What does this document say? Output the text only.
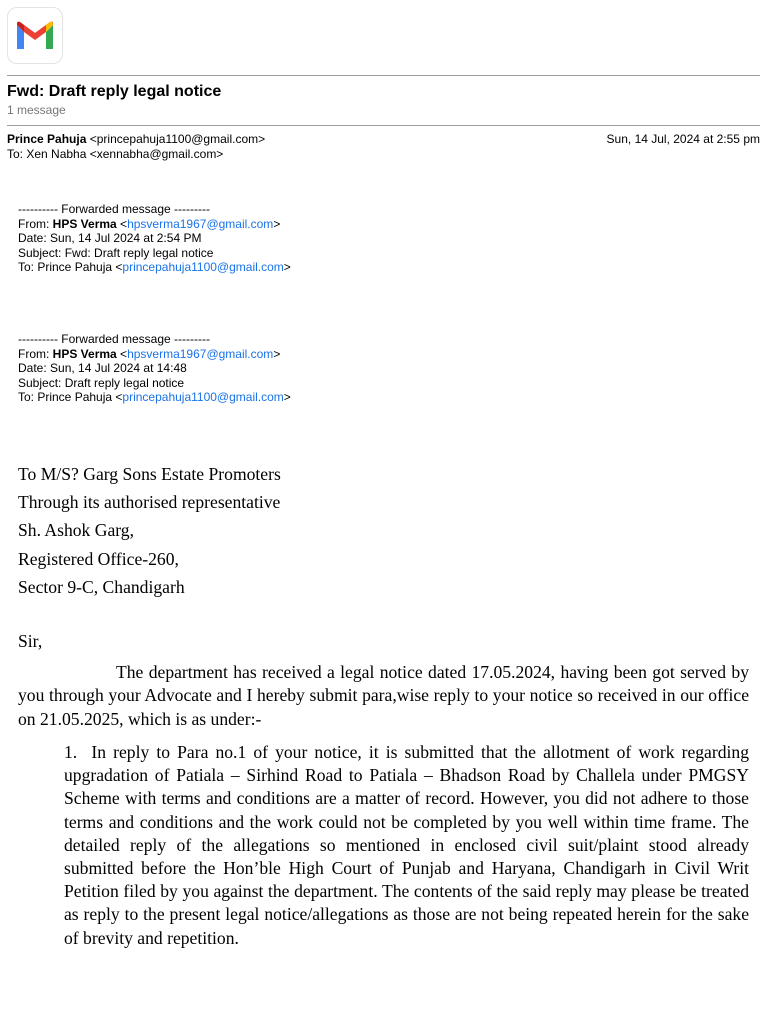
Fwd: Draft reply legal notice
1 message
Prince Pahuja <princepahuja1100@gmail.com>	Sun, 14 Jul, 2024 at 2:55 pm
To: Xen Nabha <xennabha@gmail.com>
---------- Forwarded message ---------
From: HPS Verma <hpsverma1967@gmail.com>
Date: Sun, 14 Jul 2024 at 2:54 PM
Subject: Fwd: Draft reply legal notice
To: Prince Pahuja <princepahuja1100@gmail.com>
---------- Forwarded message ---------
From: HPS Verma <hpsverma1967@gmail.com>
Date: Sun, 14 Jul 2024 at 14:48
Subject: Draft reply legal notice
To: Prince Pahuja <princepahuja1100@gmail.com>
To M/S? Garg Sons Estate Promoters
Through its authorised representative
Sh. Ashok Garg,
Registered Office-260,
Sector 9-C, Chandigarh
Sir,
The department has received a legal notice dated 17.05.2024, having been got served by you through your Advocate and I hereby submit para,wise reply to your notice so received in our office on 21.05.2025, which is as under:-
1. In reply to Para no.1 of your notice, it is submitted that the allotment of work regarding upgradation of Patiala – Sirhind Road to Patiala – Bhadson Road by Challela under PMGSY Scheme with terms and conditions are a matter of record. However, you did not adhere to those terms and conditions and the work could not be completed by you well within time frame. The detailed reply of the allegations so mentioned in enclosed civil suit/plaint stood already submitted before the Hon’ble High Court of Punjab and Haryana, Chandigarh in Civil Writ Petition filed by you against the department. The contents of the said reply may please be treated as reply to the present legal notice/allegations as those are not being repeated herein for the sake of brevity and repetition.
